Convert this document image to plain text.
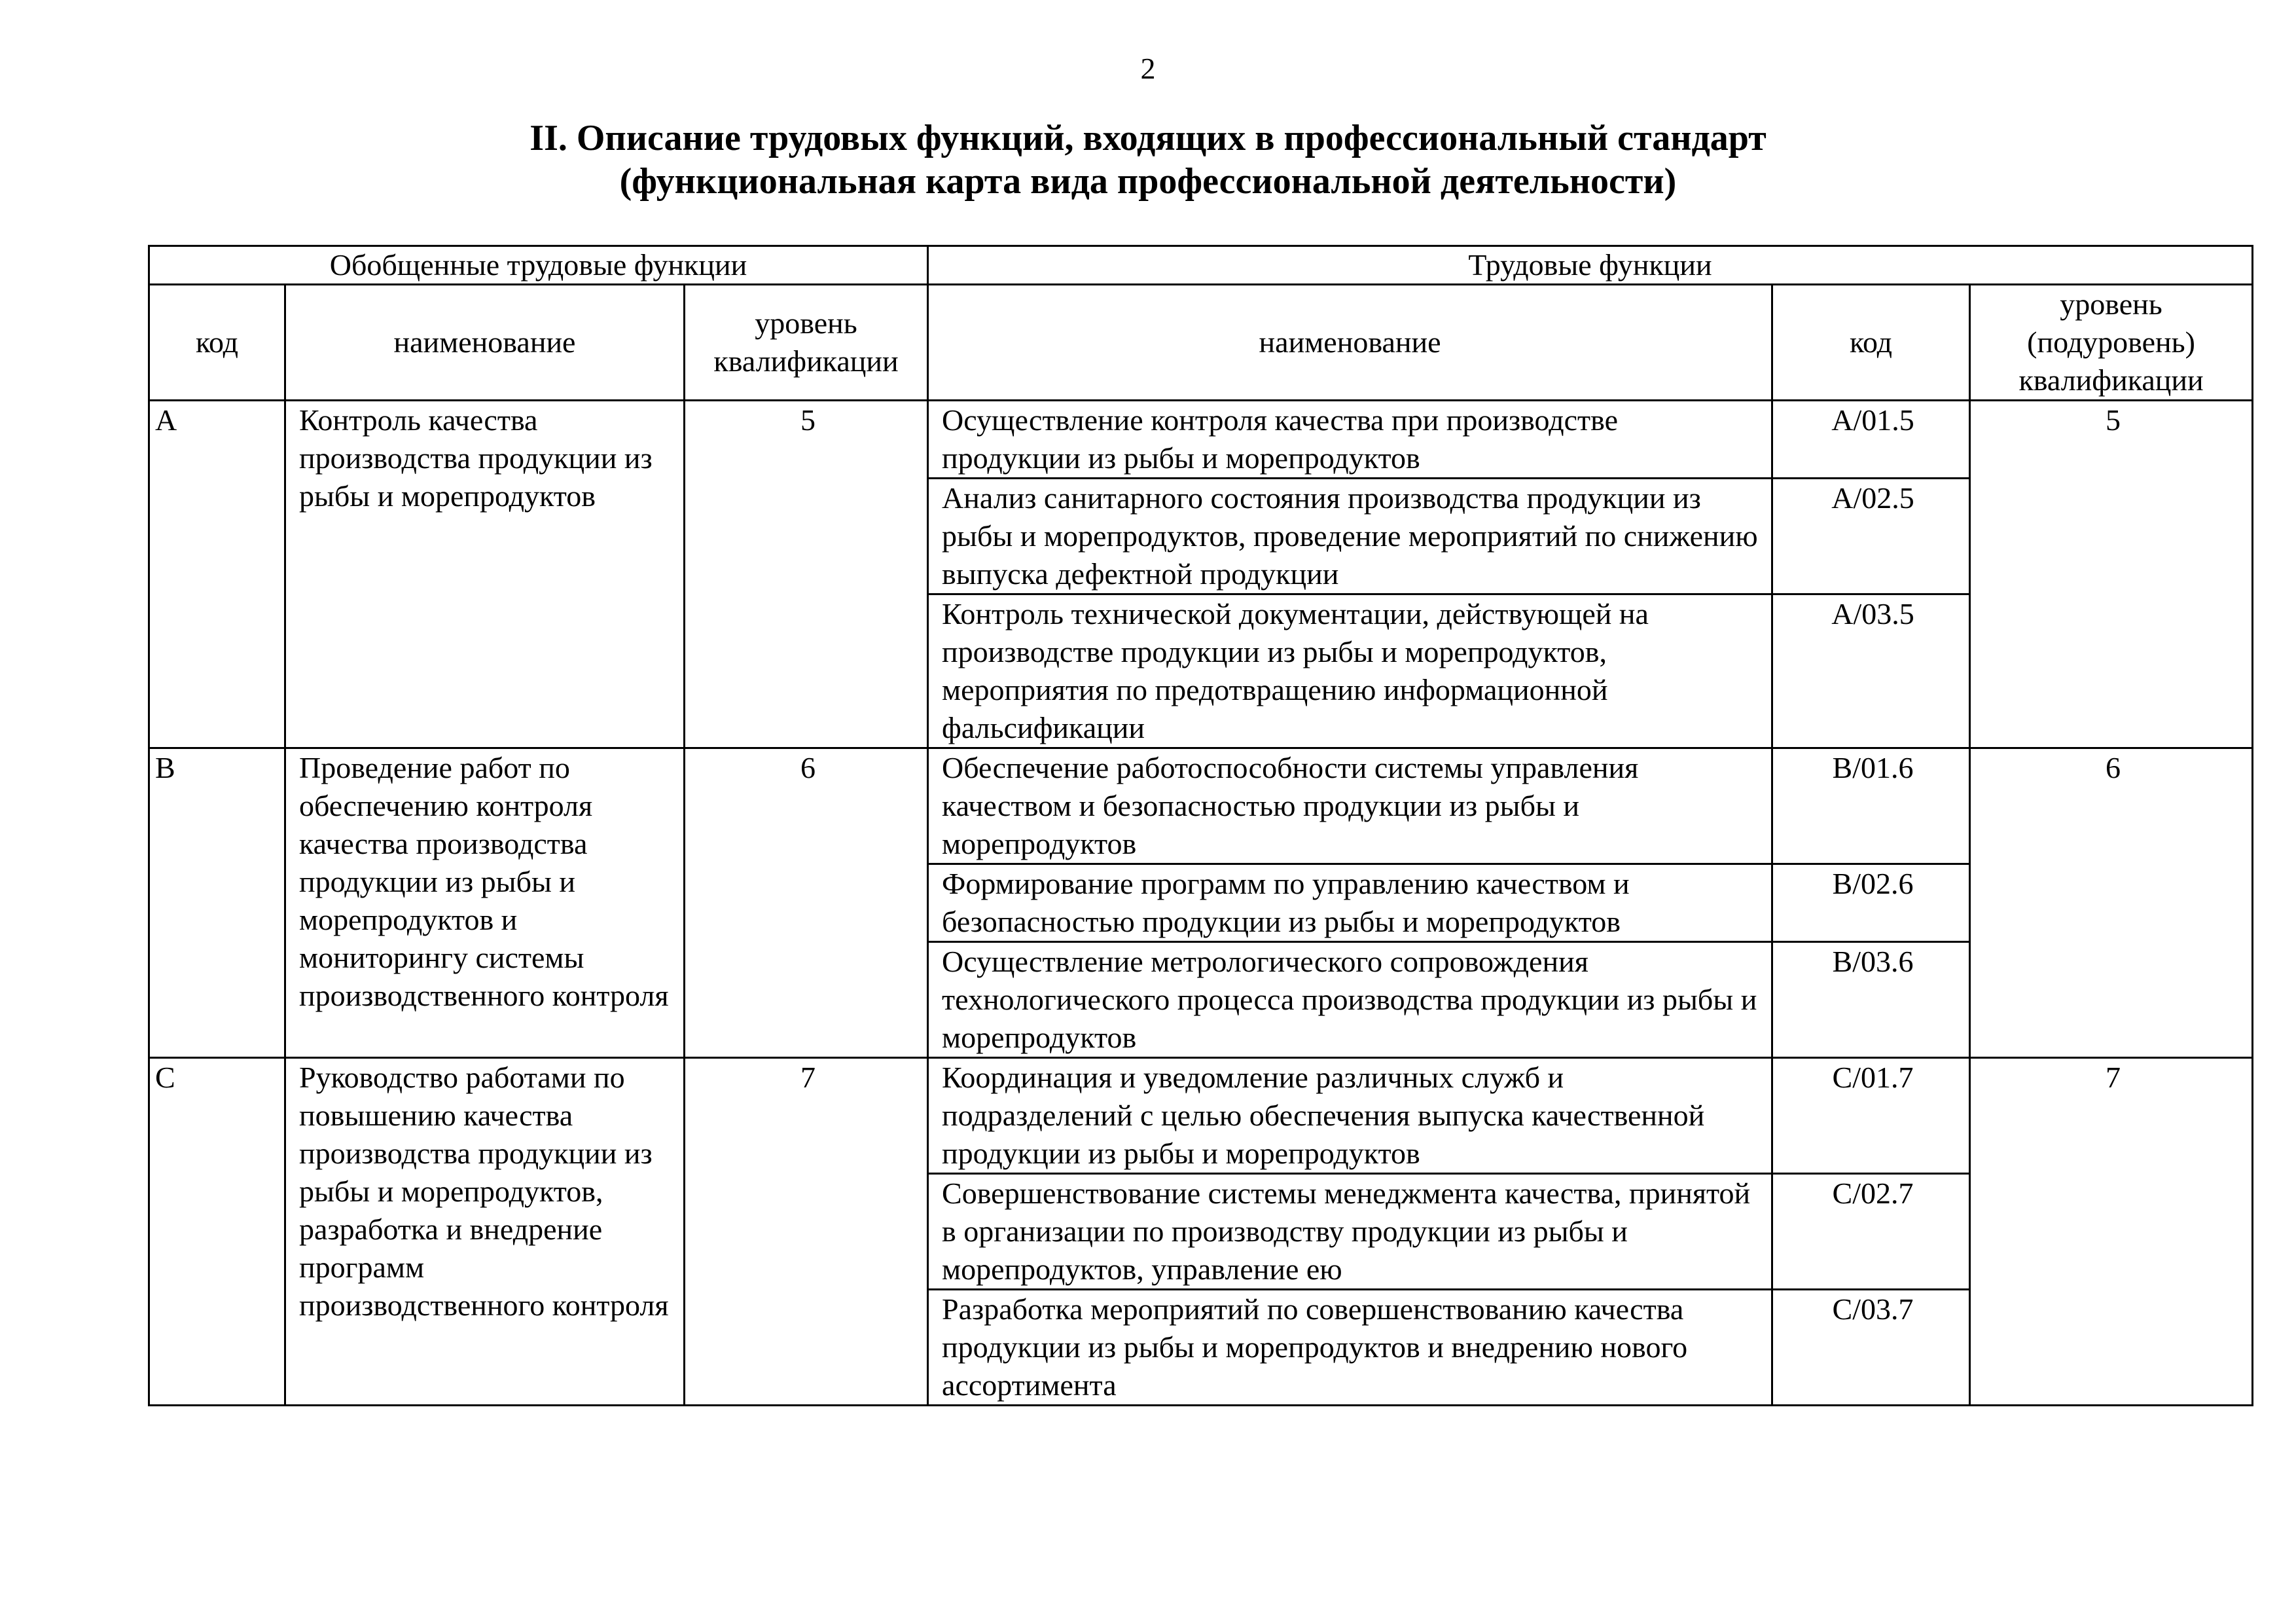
2
II. Описание трудовых функций, входящих в профессиональный стандарт
(функциональная карта вида профессиональной деятельности)
Обобщенные трудовые функции			Трудовые функции		
код	наименование	уровень квалификации	наименование	код	уровень (подуровень) квалификации
A	Контроль качества производства продукции из рыбы и морепродуктов	5	Осуществление контроля качества при производстве продукции из рыбы и морепродуктов	A/01.5	5
			Анализ санитарного состояния производства продукции из рыбы и морепродуктов, проведение мероприятий по снижению выпуска дефектной продукции	A/02.5	
			Контроль технической документации, действующей на производстве продукции из рыбы и морепродуктов, мероприятия по предотвращению информационной фальсификации	A/03.5	
B	Проведение работ по обеспечению контроля качества производства продукции из рыбы и морепродуктов и мониторингу системы производственного контроля	6	Обеспечение работоспособности системы управления качеством и безопасностью продукции из рыбы и морепродуктов	B/01.6	6
			Формирование программ по управлению качеством и безопасностью продукции из рыбы и морепродуктов	B/02.6	
			Осуществление метрологического сопровождения технологического процесса производства продукции из рыбы и морепродуктов	B/03.6	
C	Руководство работами по повышению качества производства продукции из рыбы и морепродуктов, разработка и внедрение программ производственного контроля	7	Координация и уведомление различных служб и подразделений с целью обеспечения выпуска качественной продукции из рыбы и морепродуктов	C/01.7	7
			Совершенствование системы менеджмента качества, принятой в организации по производству продукции из рыбы и морепродуктов, управление ею	C/02.7	
			Разработка мероприятий по совершенствованию качества продукции из рыбы и морепродуктов и внедрению нового ассортимента	C/03.7	
